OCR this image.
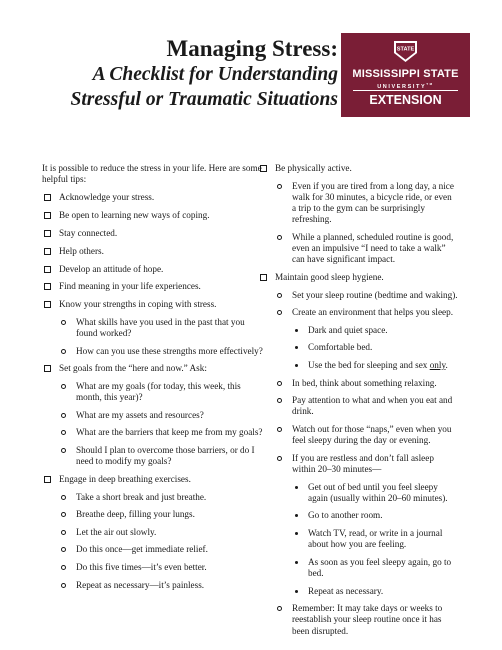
Managing Stress:
A Checklist for Understanding
Stressful or Traumatic Situations
STATE
MISSISSIPPI STATE
UNIVERSITY™
EXTENSION

It is possible to reduce the stress in your life. Here are some helpful tips:

Acknowledge your stress.
Be open to learning new ways of coping.
Stay connected.
Help others.
Develop an attitude of hope.
Find meaning in your life experiences.
Know your strengths in coping with stress.
What skills have you used in the past that you found worked?
How can you use these strengths more effectively?
Set goals from the “here and now.” Ask:
What are my goals (for today, this week, this month, this year)?
What are my assets and resources?
What are the barriers that keep me from my goals?
Should I plan to overcome those barriers, or do I need to modify my goals?
Engage in deep breathing exercises.
Take a short break and just breathe.
Breathe deep, filling your lungs.
Let the air out slowly.
Do this once—get immediate relief.
Do this five times—it’s even better.
Repeat as necessary—it’s painless.
Be physically active.
Even if you are tired from a long day, a nice walk for 30 minutes, a bicycle ride, or even a trip to the gym can be surprisingly refreshing.
While a planned, scheduled routine is good, even an impulsive “I need to take a walk” can have significant impact.
Maintain good sleep hygiene.
Set your sleep routine (bedtime and waking).
Create an environment that helps you sleep.
Dark and quiet space.
Comfortable bed.
Use the bed for sleeping and sex only.
In bed, think about something relaxing.
Pay attention to what and when you eat and drink.
Watch out for those “naps,” even when you feel sleepy during the day or evening.
If you are restless and don’t fall asleep within 20–30 minutes—
Get out of bed until you feel sleepy again (usually within 20–60 minutes).
Go to another room.
Watch TV, read, or write in a journal about how you are feeling.
As soon as you feel sleepy again, go to bed.
Repeat as necessary.
Remember: It may take days or weeks to reestablish your sleep routine once it has been disrupted.
